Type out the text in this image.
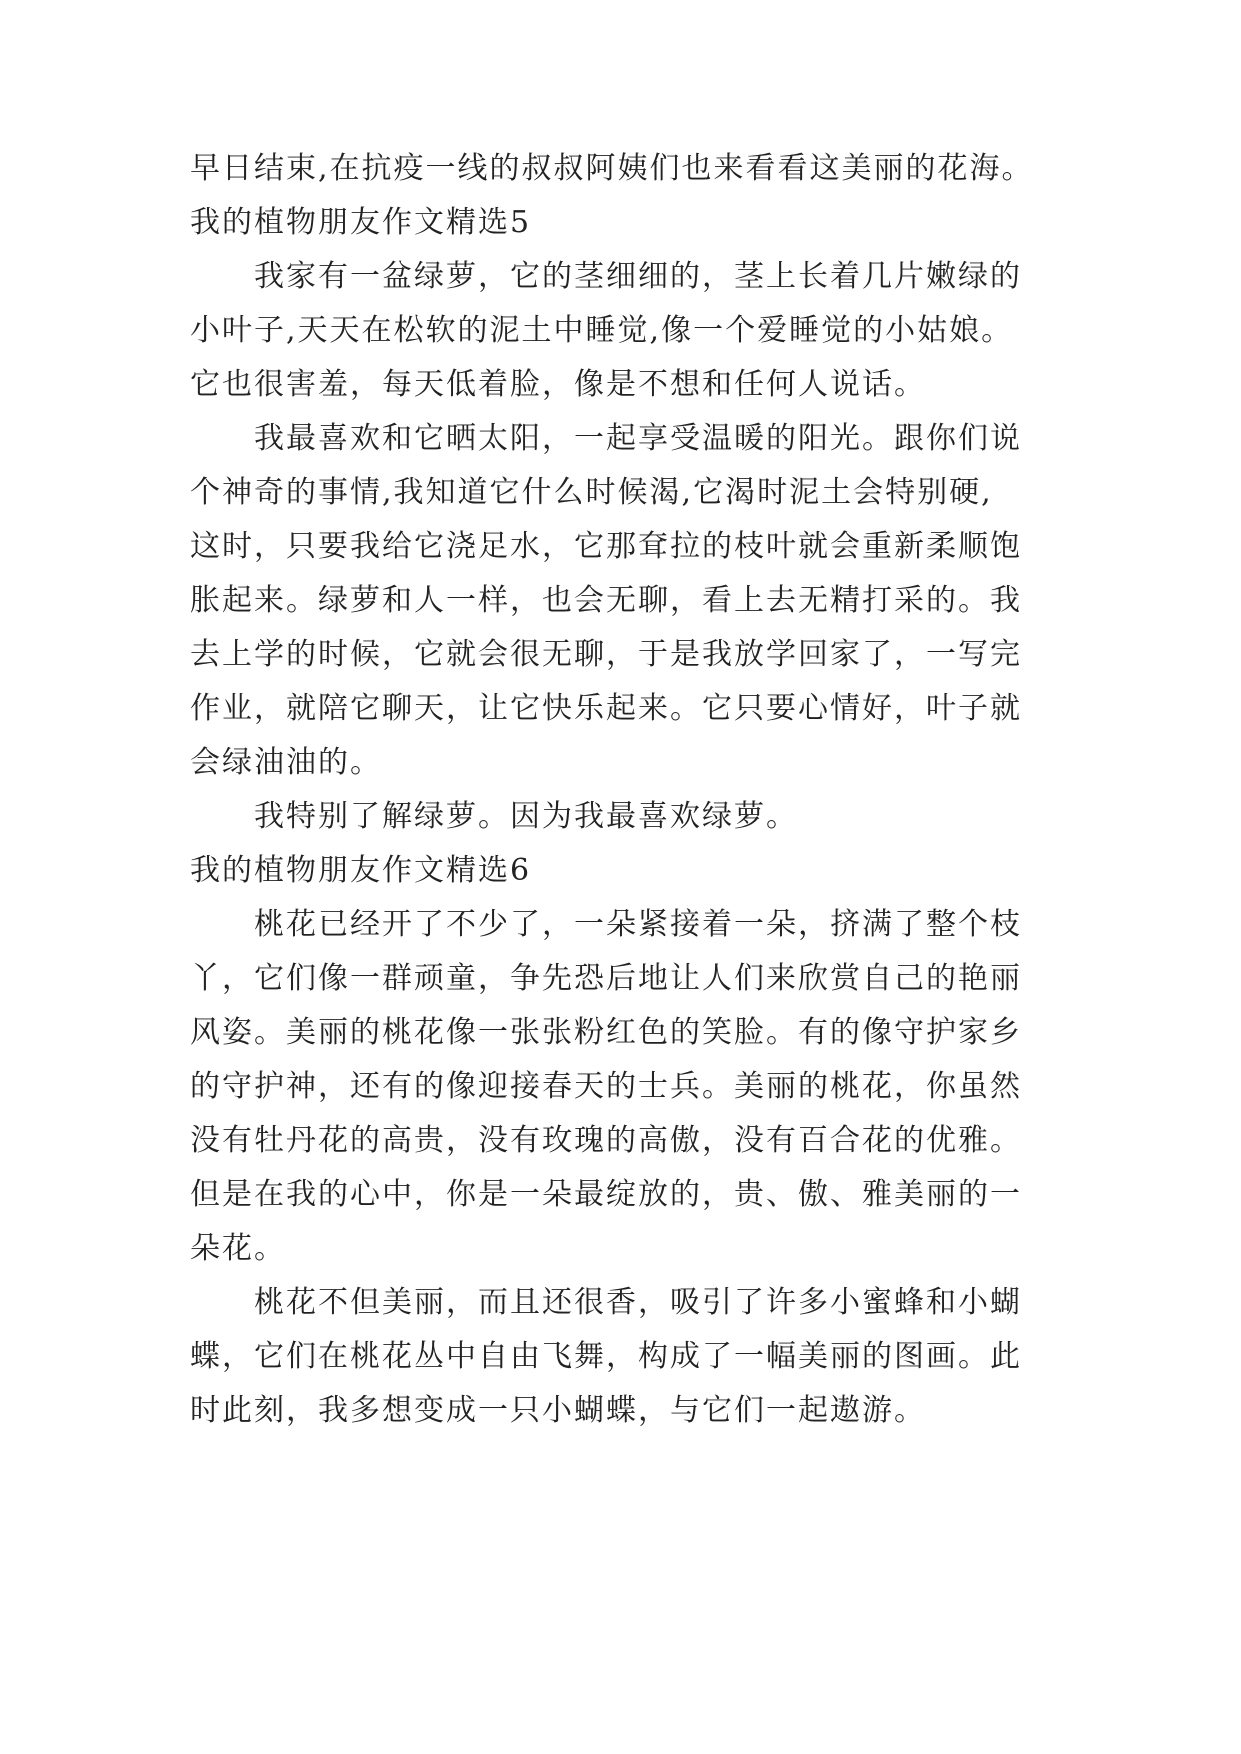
早日结束,在抗疫一线的叔叔阿姨们也来看看这美丽的花海。
我的植物朋友作文精选5
我家有一盆绿萝，它的茎细细的，茎上长着几片嫩绿的
小叶子,天天在松软的泥土中睡觉,像一个爱睡觉的小姑娘。
它也很害羞，每天低着脸，像是不想和任何人说话。
我最喜欢和它晒太阳，一起享受温暖的阳光。跟你们说
个神奇的事情,我知道它什么时候渴,它渴时泥土会特别硬,
这时，只要我给它浇足水，它那耷拉的枝叶就会重新柔顺饱
胀起来。绿萝和人一样，也会无聊，看上去无精打采的。我
去上学的时候，它就会很无聊，于是我放学回家了，一写完
作业，就陪它聊天，让它快乐起来。它只要心情好，叶子就
会绿油油的。
我特别了解绿萝。因为我最喜欢绿萝。
我的植物朋友作文精选6
桃花已经开了不少了，一朵紧接着一朵，挤满了整个枝
丫，它们像一群顽童，争先恐后地让人们来欣赏自己的艳丽
风姿。美丽的桃花像一张张粉红色的笑脸。有的像守护家乡
的守护神，还有的像迎接春天的士兵。美丽的桃花，你虽然
没有牡丹花的高贵，没有玫瑰的高傲，没有百合花的优雅。
但是在我的心中，你是一朵最绽放的，贵、傲、雅美丽的一
朵花。
桃花不但美丽，而且还很香，吸引了许多小蜜蜂和小蝴
蝶，它们在桃花丛中自由飞舞，构成了一幅美丽的图画。此
时此刻，我多想变成一只小蝴蝶，与它们一起遨游。
